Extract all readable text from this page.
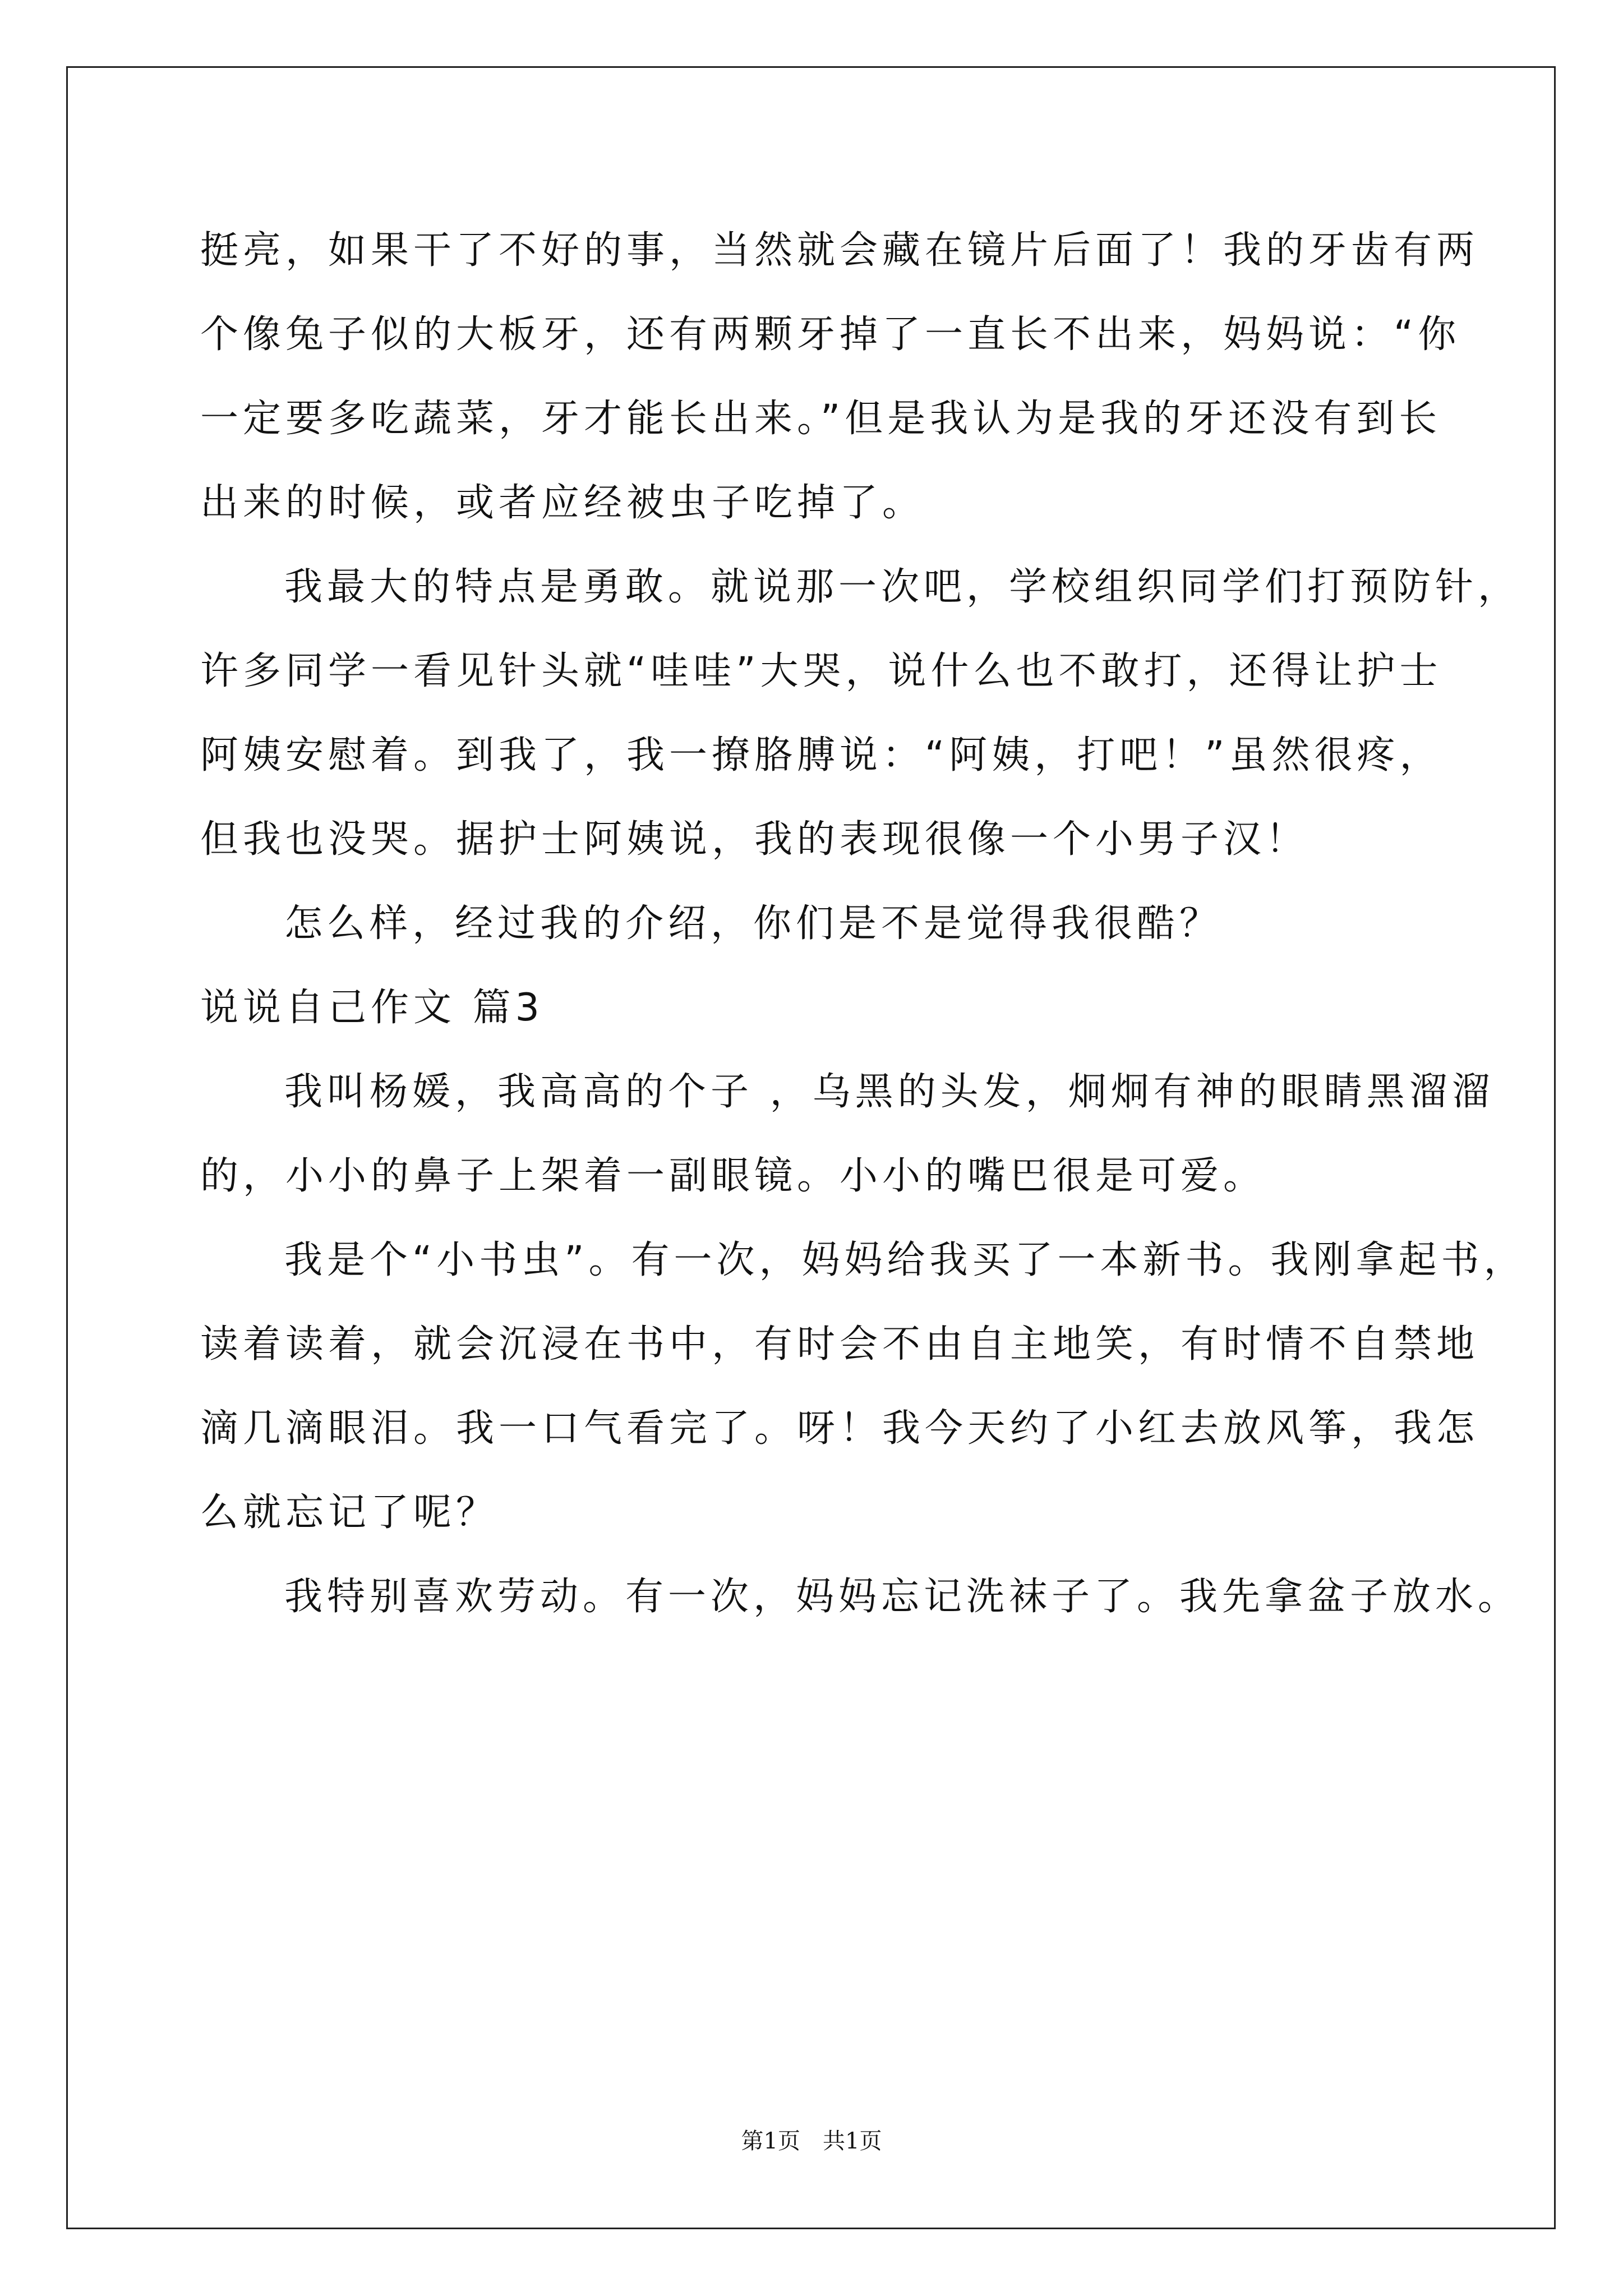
挺亮，如果干了不好的事，当然就会藏在镜片后面了！我的牙齿有两
个像兔子似的大板牙，还有两颗牙掉了一直长不出来，妈妈说：“你
一定要多吃蔬菜，牙才能长出来。”但是我认为是我的牙还没有到长
出来的时候，或者应经被虫子吃掉了。
我最大的特点是勇敢。就说那一次吧，学校组织同学们打预防针，
许多同学一看见针头就“哇哇”大哭，说什么也不敢打，还得让护士
阿姨安慰着。到我了，我一撩胳膊说：“阿姨，打吧！”虽然很疼，
但我也没哭。据护士阿姨说，我的表现很像一个小男子汉！
怎么样，经过我的介绍，你们是不是觉得我很酷？
说说自己作文 篇3
我叫杨媛，我高高的个子 ，乌黑的头发，炯炯有神的眼睛黑溜溜
的，小小的鼻子上架着一副眼镜。小小的嘴巴很是可爱。
我是个“小书虫”。有一次，妈妈给我买了一本新书。我刚拿起书，
读着读着，就会沉浸在书中，有时会不由自主地笑，有时情不自禁地
滴几滴眼泪。我一口气看完了。呀！我今天约了小红去放风筝，我怎
么就忘记了呢？
我特别喜欢劳动。有一次，妈妈忘记洗袜子了。我先拿盆子放水。
第1页　共1页
